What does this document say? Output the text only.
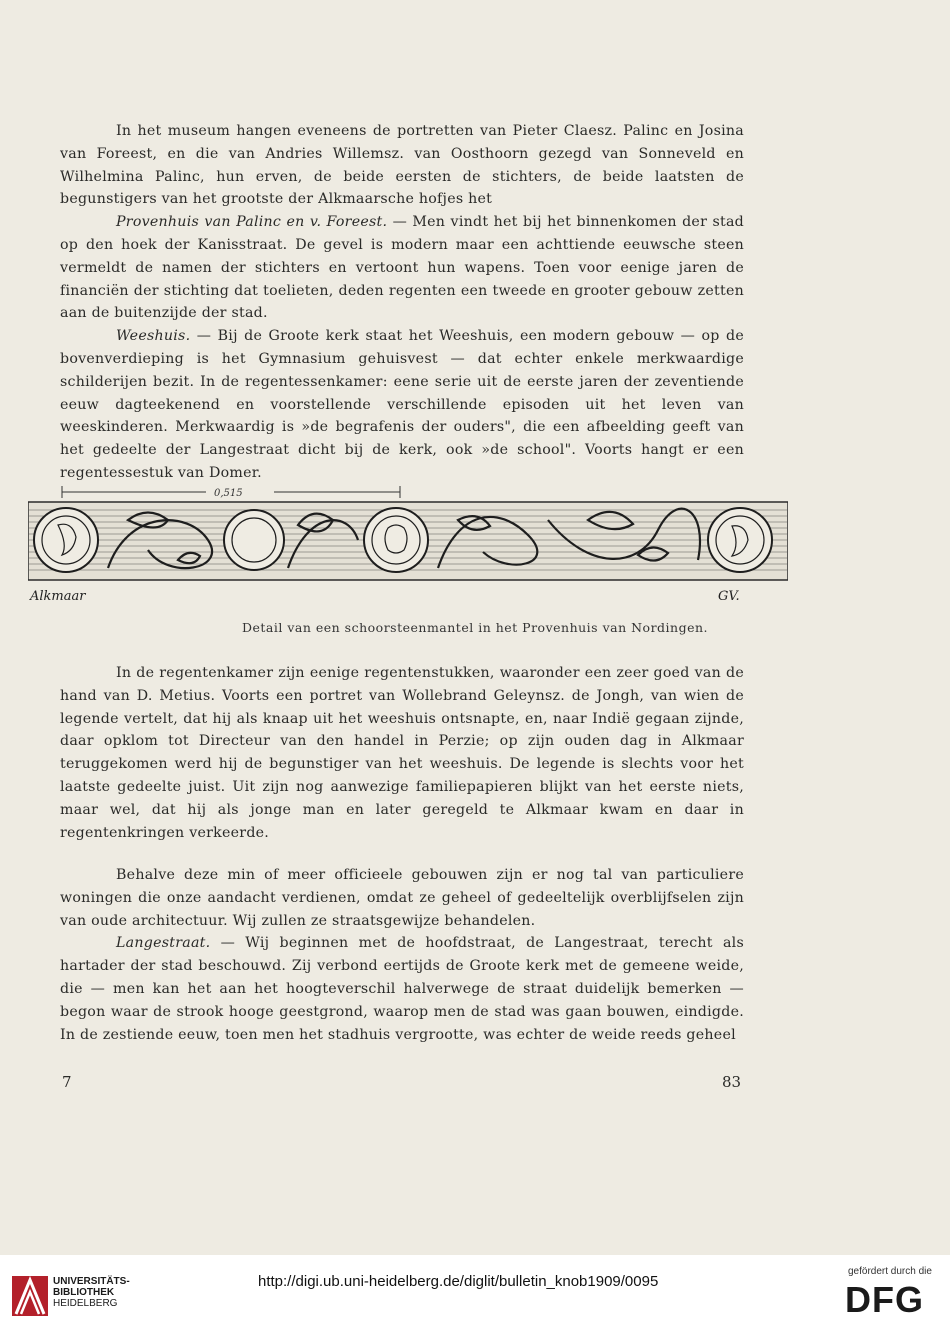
In het museum hangen eveneens de portretten van Pieter Claesz. Palinc en Josina van Foreest, en die van Andries Willemsz. van Oosthoorn gezegd van Sonneveld en Wilhelmina Palinc, hun erven, de beide eersten de stichters, de beide laatsten de begunstigers van het grootste der Alkmaarsche hofjes het

Provenhuis van Palinc en v. Foreest. — Men vindt het bij het binnenkomen der stad op den hoek der Kanisstraat. De gevel is modern maar een achttiende eeuwsche steen vermeldt de namen der stichters en vertoont hun wapens. Toen voor eenige jaren de financiën der stichting dat toelieten, deden regenten een tweede en grooter gebouw zetten aan de buitenzijde der stad.

Weeshuis. — Bij de Groote kerk staat het Weeshuis, een modern gebouw — op de bovenverdieping is het Gymnasium gehuisvest — dat echter enkele merkwaardige schilderijen bezit. In de regentessenkamer: eene serie uit de eerste jaren der zeventiende eeuw dagteekenend en voorstellende verschillende episoden uit het leven van weeskinderen. Merkwaardig is »de begrafenis der ouders", die een afbeelding geeft van het gedeelte der Langestraat dicht bij de kerk, ook »de school". Voorts hangt er een regentessestuk van Domer.

0,515
Alkmaar	GV.
Detail van een schoorsteenmantel in het Provenhuis van Nordingen.

In de regentenkamer zijn eenige regentenstukken, waaronder een zeer goed van de hand van D. Metius. Voorts een portret van Wollebrand Geleynsz. de Jongh, van wien de legende vertelt, dat hij als knaap uit het weeshuis ontsnapte, en, naar Indië gegaan zijnde, daar opklom tot Directeur van den handel in Perzie; op zijn ouden dag in Alkmaar teruggekomen werd hij de begunstiger van het weeshuis. De legende is slechts voor het laatste gedeelte juist. Uit zijn nog aanwezige familiepapieren blijkt van het eerste niets, maar wel, dat hij als jonge man en later geregeld te Alkmaar kwam en daar in regentenkringen verkeerde.

Behalve deze min of meer officieele gebouwen zijn er nog tal van particuliere woningen die onze aandacht verdienen, omdat ze geheel of gedeeltelijk overblijfselen zijn van oude architectuur. Wij zullen ze straatsgewijze behandelen.

Langestraat. — Wij beginnen met de hoofdstraat, de Langestraat, terecht als hartader der stad beschouwd. Zij verbond eertijds de Groote kerk met de gemeene weide, die — men kan het aan het hoogteverschil halverwege de straat duidelijk bemerken — begon waar de strook hooge geestgrond, waarop men de stad was gaan bouwen, eindigde. In de zestiende eeuw, toen men het stadhuis vergrootte, was echter de weide reeds geheel

7	83
UNIVERSITÄTS-
BIBLIOTHEK
HEIDELBERG
http://digi.ub.uni-heidelberg.de/diglit/bulletin_knob1909/0095
gefördert durch die
DFG
